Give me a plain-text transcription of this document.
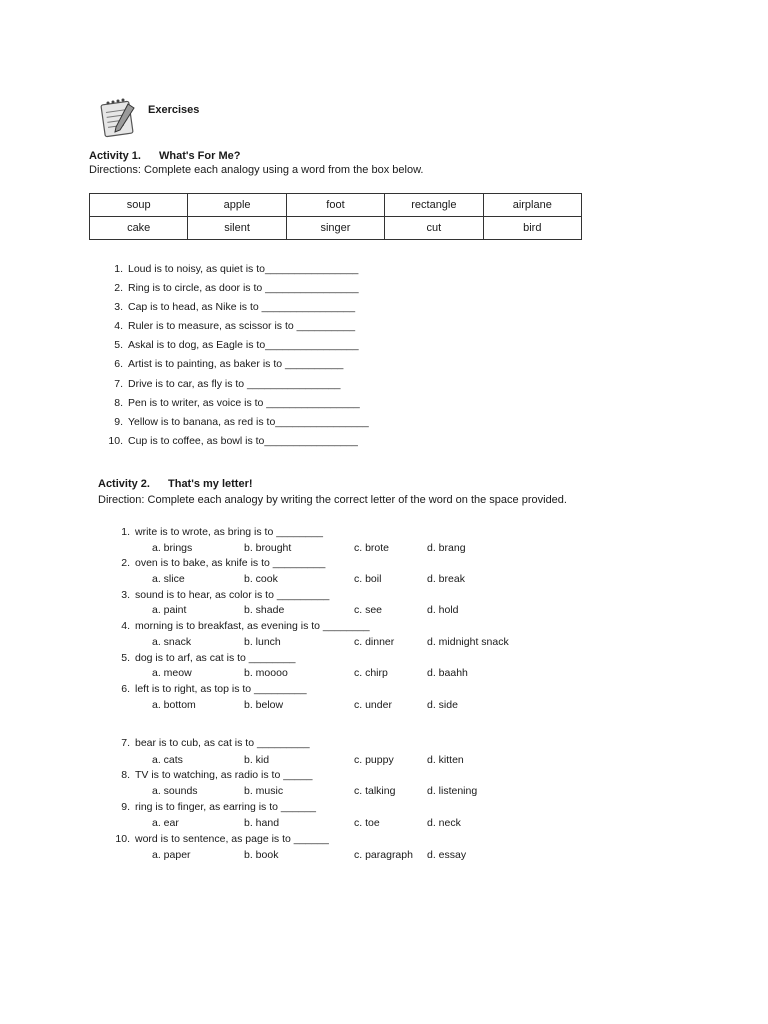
Exercises
Activity 1. What's For Me?
Directions: Complete each analogy using a word from the box below.
soup	apple	foot	rectangle	airplane
cake	silent	singer	cut	bird
1. Loud is to noisy, as quiet is to________________
2. Ring is to circle, as door is to ________________
3. Cap is to head, as Nike is to ________________
4. Ruler is to measure, as scissor is to __________
5. Askal is to dog, as Eagle is to________________
6. Artist is to painting, as baker is to __________
7. Drive is to car, as fly is to ________________
8. Pen is to writer, as voice is to ________________
9. Yellow is to banana, as red is to________________
10. Cup is to coffee, as bowl is to________________
Activity 2. That's my letter!
Direction: Complete each analogy by writing the correct letter of the word on the space provided.
1. write is to wrote, as bring is to ________
a. brings	b. brought	c. brote	d. brang
2. oven is to bake, as knife is to _________
a. slice	b. cook	c. boil	d. break
3. sound is to hear, as color is to _________
a. paint	b. shade	c. see	d. hold
4. morning is to breakfast, as evening is to ________
a. snack	b. lunch	c. dinner	d. midnight snack
5. dog is to arf, as cat is to ________
a. meow	b. moooo	c. chirp	d. baahh
6. left is to right, as top is to _________
a. bottom	b. below	c. under	d. side
7. bear is to cub, as cat is to _________
a. cats	b. kid	c. puppy	d. kitten
8. TV is to watching, as radio is to _____
a. sounds	b. music	c. talking	d. listening
9. ring is to finger, as earring is to ______
a. ear	b. hand	c. toe	d. neck
10. word is to sentence, as page is to ______
a. paper	b. book	c. paragraph d. essay
